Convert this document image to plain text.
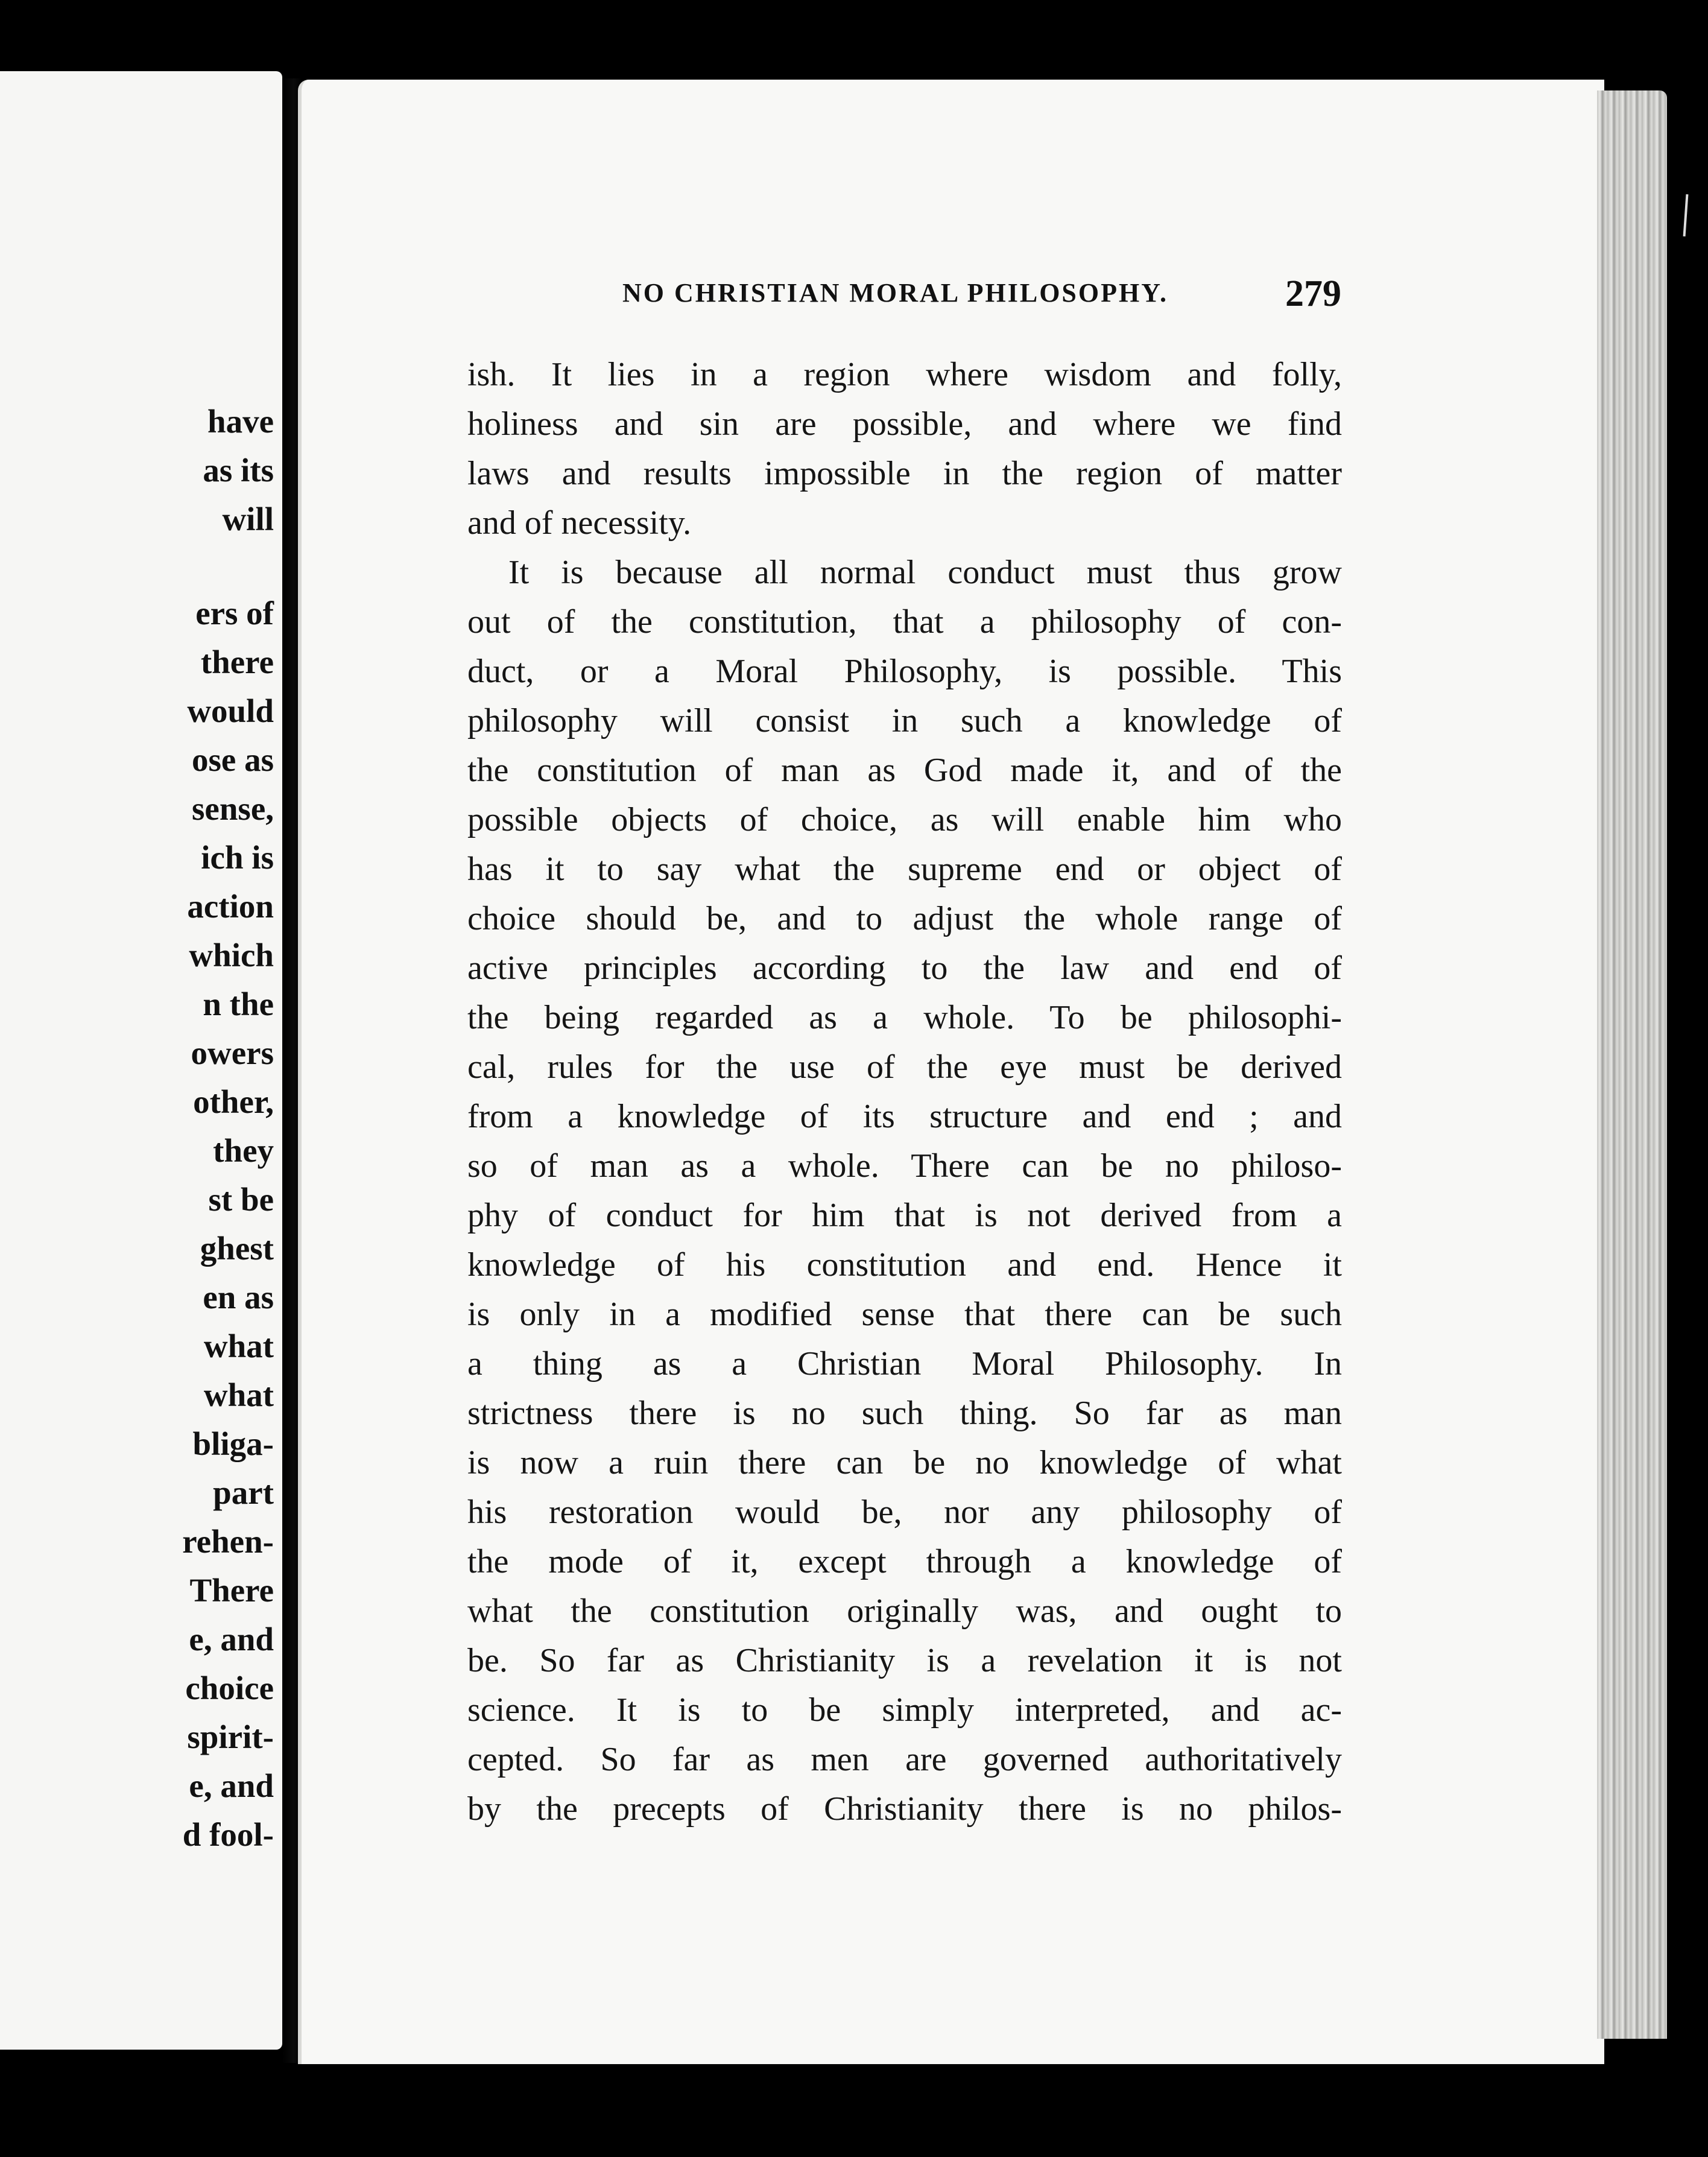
have
as its
will
ers of
there
would
ose as
sense,
ich is
action
which
n the
owers
other,
they
st be
ghest
en as
what
what
bliga-
part
rehen-
There
e, and
choice
spirit-
e, and
d fool-
NO CHRISTIAN MORAL PHILOSOPHY.	279
ish. It lies in a region where wisdom and folly,
holiness and sin are possible, and where we find
laws and results impossible in the region of matter
and of necessity.
It is because all normal conduct must thus grow
out of the constitution, that a philosophy of con-
duct, or a Moral Philosophy, is possible. This
philosophy will consist in such a knowledge of
the constitution of man as God made it, and of the
possible objects of choice, as will enable him who
has it to say what the supreme end or object of
choice should be, and to adjust the whole range of
active principles according to the law and end of
the being regarded as a whole. To be philosophi-
cal, rules for the use of the eye must be derived
from a knowledge of its structure and end ; and
so of man as a whole. There can be no philoso-
phy of conduct for him that is not derived from a
knowledge of his constitution and end. Hence it
is only in a modified sense that there can be such
a thing as a Christian Moral Philosophy. In
strictness there is no such thing. So far as man
is now a ruin there can be no knowledge of what
his restoration would be, nor any philosophy of
the mode of it, except through a knowledge of
what the constitution originally was, and ought to
be. So far as Christianity is a revelation it is not
science. It is to be simply interpreted, and ac-
cepted. So far as men are governed authoritatively
by the precepts of Christianity there is no philos-
